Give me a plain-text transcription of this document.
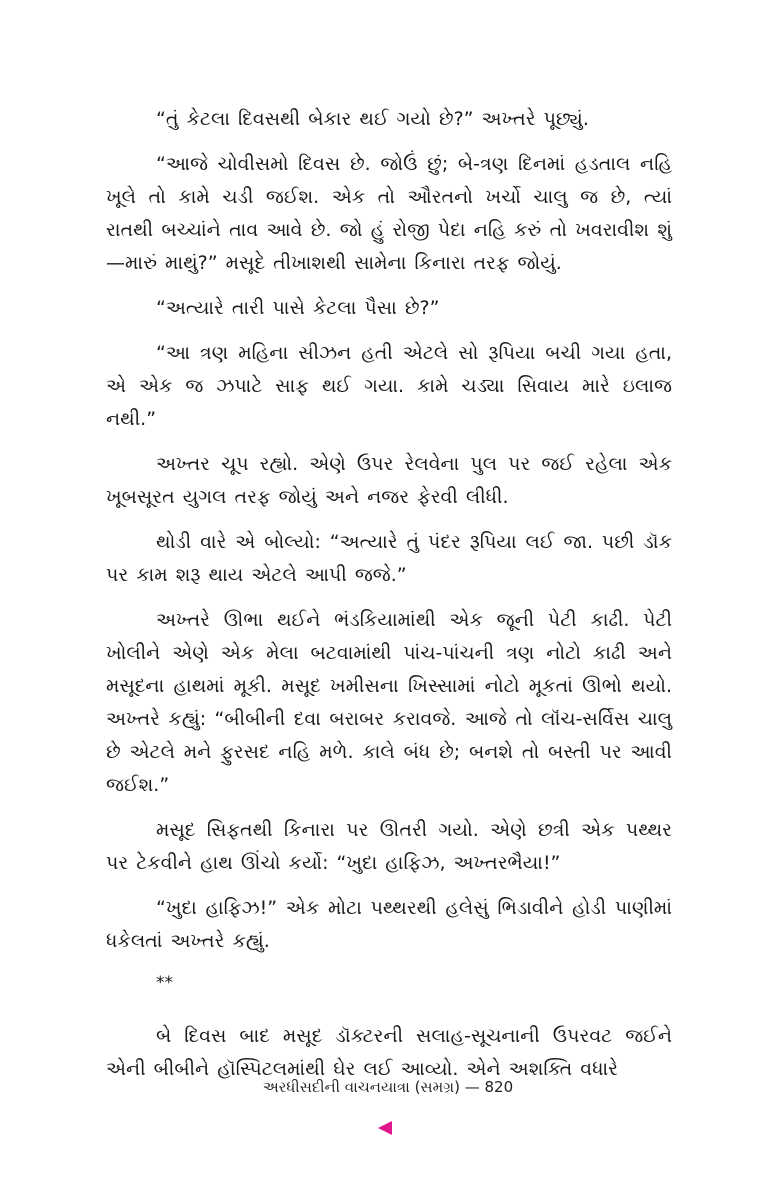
“તું કેટલા દિવસથી બેકાર થઈ ગયો છે?” અખ્તરે પૂછ્યું.

“આજે ચોવીસમો દિવસ છે. જોઉં છું; બે-ત્રણ દિનમાં હડતાલ નહિ ખૂલે તો કામે ચડી જઈશ. એક તો ઔરતનો ખર્ચો ચાલુ જ છે, ત્યાં રાતથી બચ્ચાંને તાવ આવે છે. જો હું રોજી પેદા નહિ કરું તો ખવરાવીશ શું—મારું માથું?” મસૂદે તીખાશથી સામેના કિનારા તરફ જોયું.

“અત્યારે તારી પાસે કેટલા પૈસા છે?”

“આ ત્રણ મહિના સીઝન હતી એટલે સો રૂપિયા બચી ગયા હતા, એ એક જ ઝપાટે સાફ થઈ ગયા. કામે ચડ્યા સિવાય મારે ઇલાજ નથી.”

અખ્તર ચૂપ રહ્યો. એણે ઉપર રેલવેના પુલ પર જઈ રહેલા એક ખૂબસૂરત યુગલ તરફ જોયું અને નજર ફેરવી લીધી.

થોડી વારે એ બોલ્યો: “અત્યારે તું પંદર રૂપિયા લઈ જા. પછી ડૉક પર કામ શરૂ થાય એટલે આપી જજે.”

અખ્તરે ઊભા થઈને ભંડકિયામાંથી એક જૂની પેટી કાઢી. પેટી ખોલીને એણે એક મેલા બટવામાંથી પાંચ-પાંચની ત્રણ નોટો કાઢી અને મસૂદના હાથમાં મૂકી. મસૂદ ખમીસના ખિસ્સામાં નોટો મૂકતાં ઊભો થયો. અખ્તરે કહ્યું: “બીબીની દવા બરાબર કરાવજે. આજે તો લૉંચ-સર્વિસ ચાલુ છે એટલે મને ફુરસદ નહિ મળે. કાલે બંધ છે; બનશે તો બસ્તી પર આવી જઈશ.”

મસૂદ સિફતથી કિનારા પર ઊતરી ગયો. એણે છત્રી એક પથ્થર પર ટેકવીને હાથ ઊંચો કર્યો: “ખુદા હાફિઝ, અખ્તરભૈયા!”

“ખુદા હાફિઝ!” એક મોટા પથ્થરથી હલેસું ભિડાવીને હોડી પાણીમાં ધકેલતાં અખ્તરે કહ્યું.

**

બે દિવસ બાદ મસૂદ ડૉક્ટરની સલાહ-સૂચનાની ઉપરવટ જઈને એની બીબીને હૉસ્પિટલમાંથી ઘેર લઈ આવ્યો. એને અશક્તિ વધારે

અરધીસદીની વાચનયાત્રા (સમગ્ર) — 820
